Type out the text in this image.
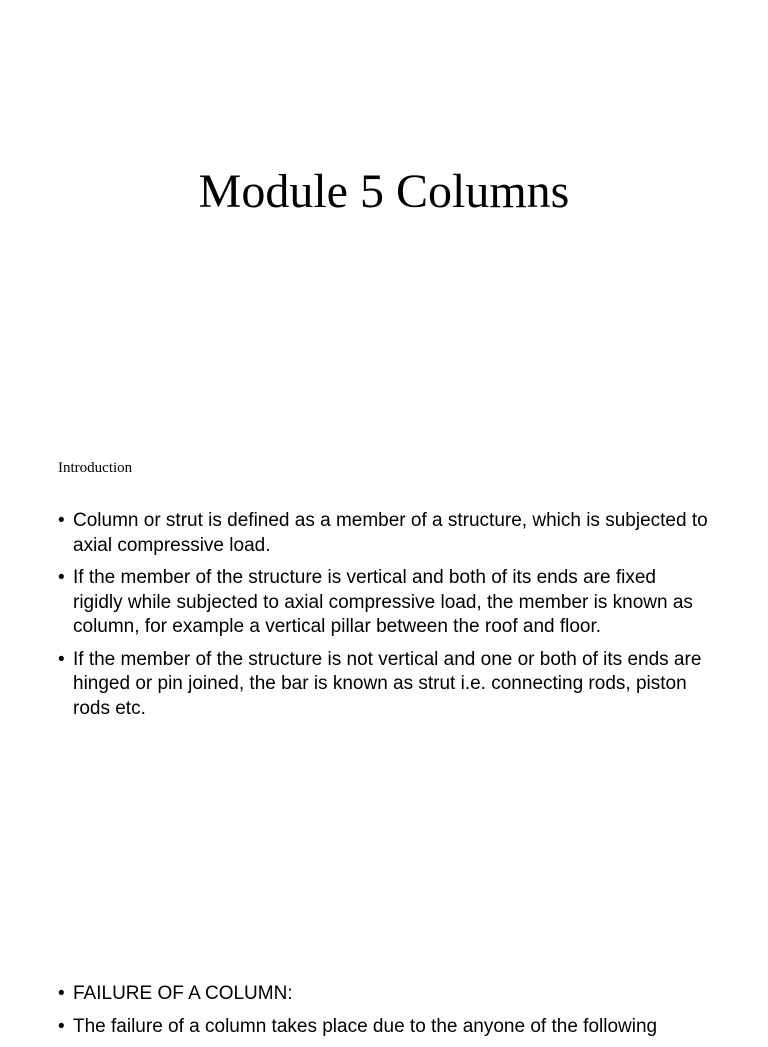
Module 5 Columns
Introduction
• Column or strut is defined as a member of a structure, which is subjected to axial compressive load.
• If the member of the structure is vertical and both of its ends are fixed rigidly while subjected to axial compressive load, the member is known as column, for example a vertical pillar between the roof and floor.
• If the member of the structure is not vertical and one or both of its ends are hinged or pin joined, the bar is known as strut i.e. connecting rods, piston rods etc.
• FAILURE OF A COLUMN:
• The failure of a column takes place due to the anyone of the following
